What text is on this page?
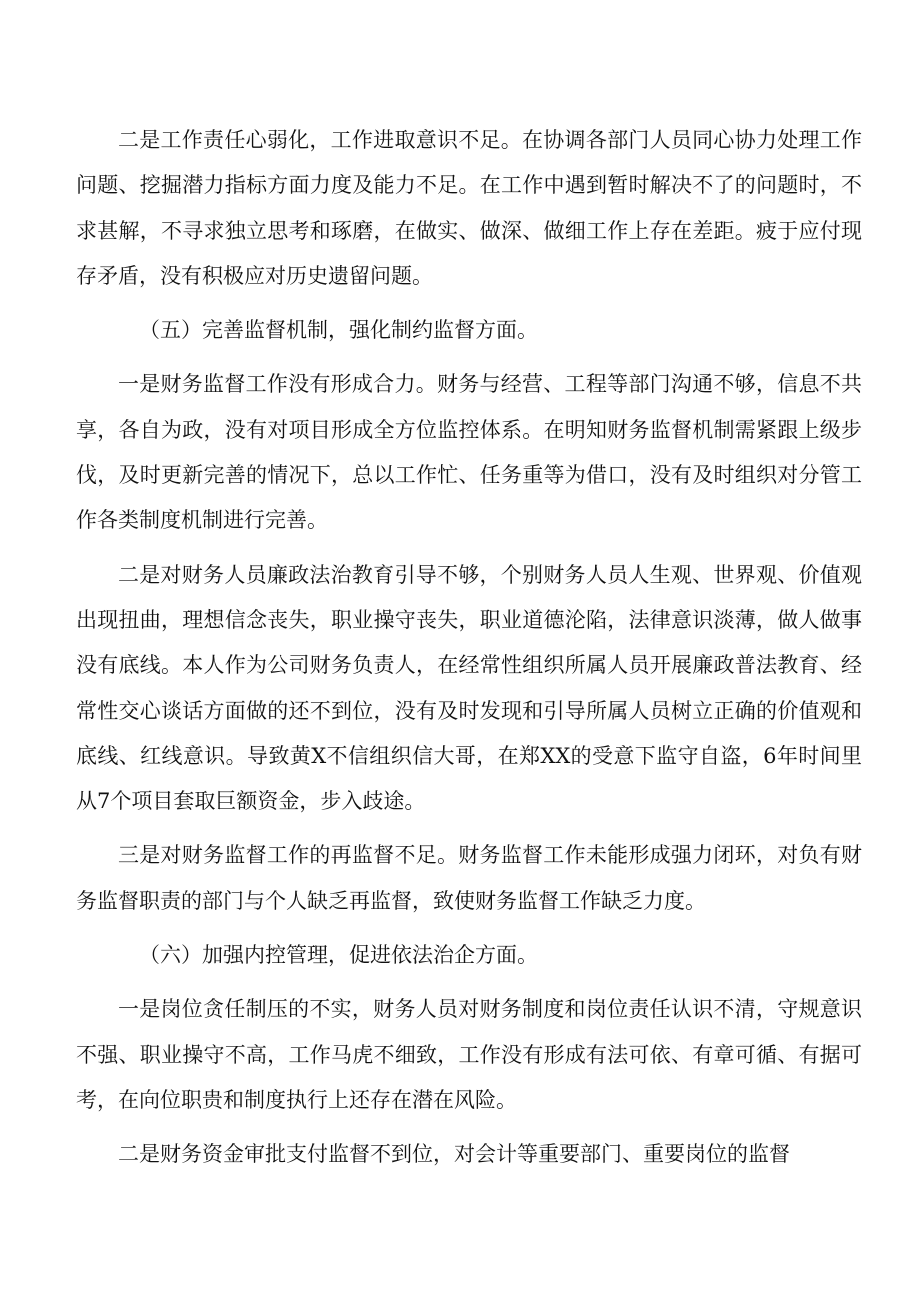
二是工作责任心弱化，工作进取意识不足。在协调各部门人员同心协力处理工作问题、挖掘潜力指标方面力度及能力不足。在工作中遇到暂时解决不了的问题时，不求甚解，不寻求独立思考和琢磨，在做实、做深、做细工作上存在差距。疲于应付现存矛盾，没有积极应对历史遗留问题。

（五）完善监督机制，强化制约监督方面。

一是财务监督工作没有形成合力。财务与经营、工程等部门沟通不够，信息不共享，各自为政，没有对项目形成全方位监控体系。在明知财务监督机制需紧跟上级步伐，及时更新完善的情况下，总以工作忙、任务重等为借口，没有及时组织对分管工作各类制度机制进行完善。

二是对财务人员廉政法治教育引导不够，个别财务人员人生观、世界观、价值观出现扭曲，理想信念丧失，职业操守丧失，职业道德沦陷，法律意识淡薄，做人做事没有底线。本人作为公司财务负责人，在经常性组织所属人员开展廉政普法教育、经常性交心谈话方面做的还不到位，没有及时发现和引导所属人员树立正确的价值观和底线、红线意识。导致黄X不信组织信大哥，在郑XX的受意下监守自盗，6年时间里从7个项目套取巨额资金，步入歧途。

三是对财务监督工作的再监督不足。财务监督工作未能形成强力闭环，对负有财务监督职责的部门与个人缺乏再监督，致使财务监督工作缺乏力度。

（六）加强内控管理，促进依法治企方面。

一是岗位贪任制压的不实，财务人员对财务制度和岗位责任认识不清，守规意识不强、职业操守不高，工作马虎不细致，工作没有形成有法可依、有章可循、有据可考，在向位职贵和制度执行上还存在潜在风险。

二是财务资金审批支付监督不到位，对会计等重要部门、重要岗位的监督
